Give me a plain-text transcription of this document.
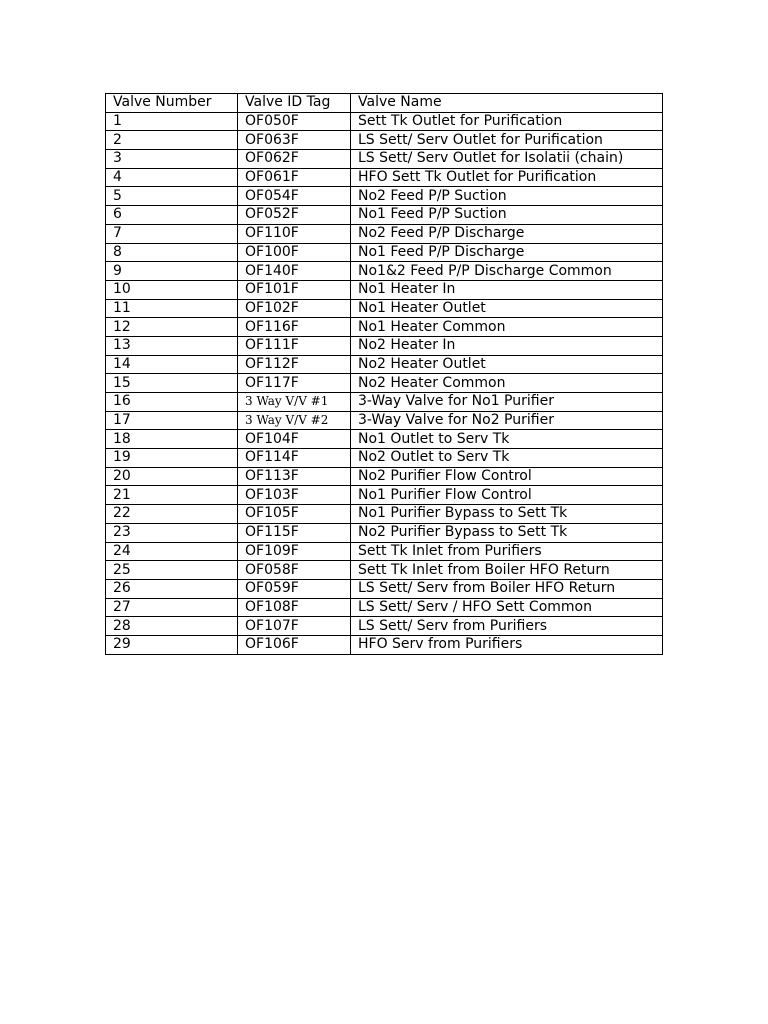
Valve Number	Valve ID Tag	Valve Name
1	OF050F	Sett Tk Outlet for Purification
2	OF063F	LS Sett/ Serv Outlet for Purification
3	OF062F	LS Sett/ Serv Outlet for Isolatii (chain)
4	OF061F	HFO Sett Tk Outlet for Purification
5	OF054F	No2 Feed P/P Suction
6	OF052F	No1 Feed P/P Suction
7	OF110F	No2 Feed P/P Discharge
8	OF100F	No1 Feed P/P Discharge
9	OF140F	No1&2 Feed P/P Discharge Common
10	OF101F	No1 Heater In
11	OF102F	No1 Heater Outlet
12	OF116F	No1 Heater Common
13	OF111F	No2 Heater In
14	OF112F	No2 Heater Outlet
15	OF117F	No2 Heater Common
16	3 Way V/V #1	3-Way Valve for No1 Purifier
17	3 Way V/V #2	3-Way Valve for No2 Purifier
18	OF104F	No1 Outlet to Serv Tk
19	OF114F	No2 Outlet to Serv Tk
20	OF113F	No2 Purifier Flow Control
21	OF103F	No1 Purifier Flow Control
22	OF105F	No1 Purifier Bypass to Sett Tk
23	OF115F	No2 Purifier Bypass to Sett Tk
24	OF109F	Sett Tk Inlet from Purifiers
25	OF058F	Sett Tk Inlet from Boiler HFO Return
26	OF059F	LS Sett/ Serv from Boiler HFO Return
27	OF108F	LS Sett/ Serv / HFO Sett Common
28	OF107F	LS Sett/ Serv from Purifiers
29	OF106F	HFO Serv from Purifiers
